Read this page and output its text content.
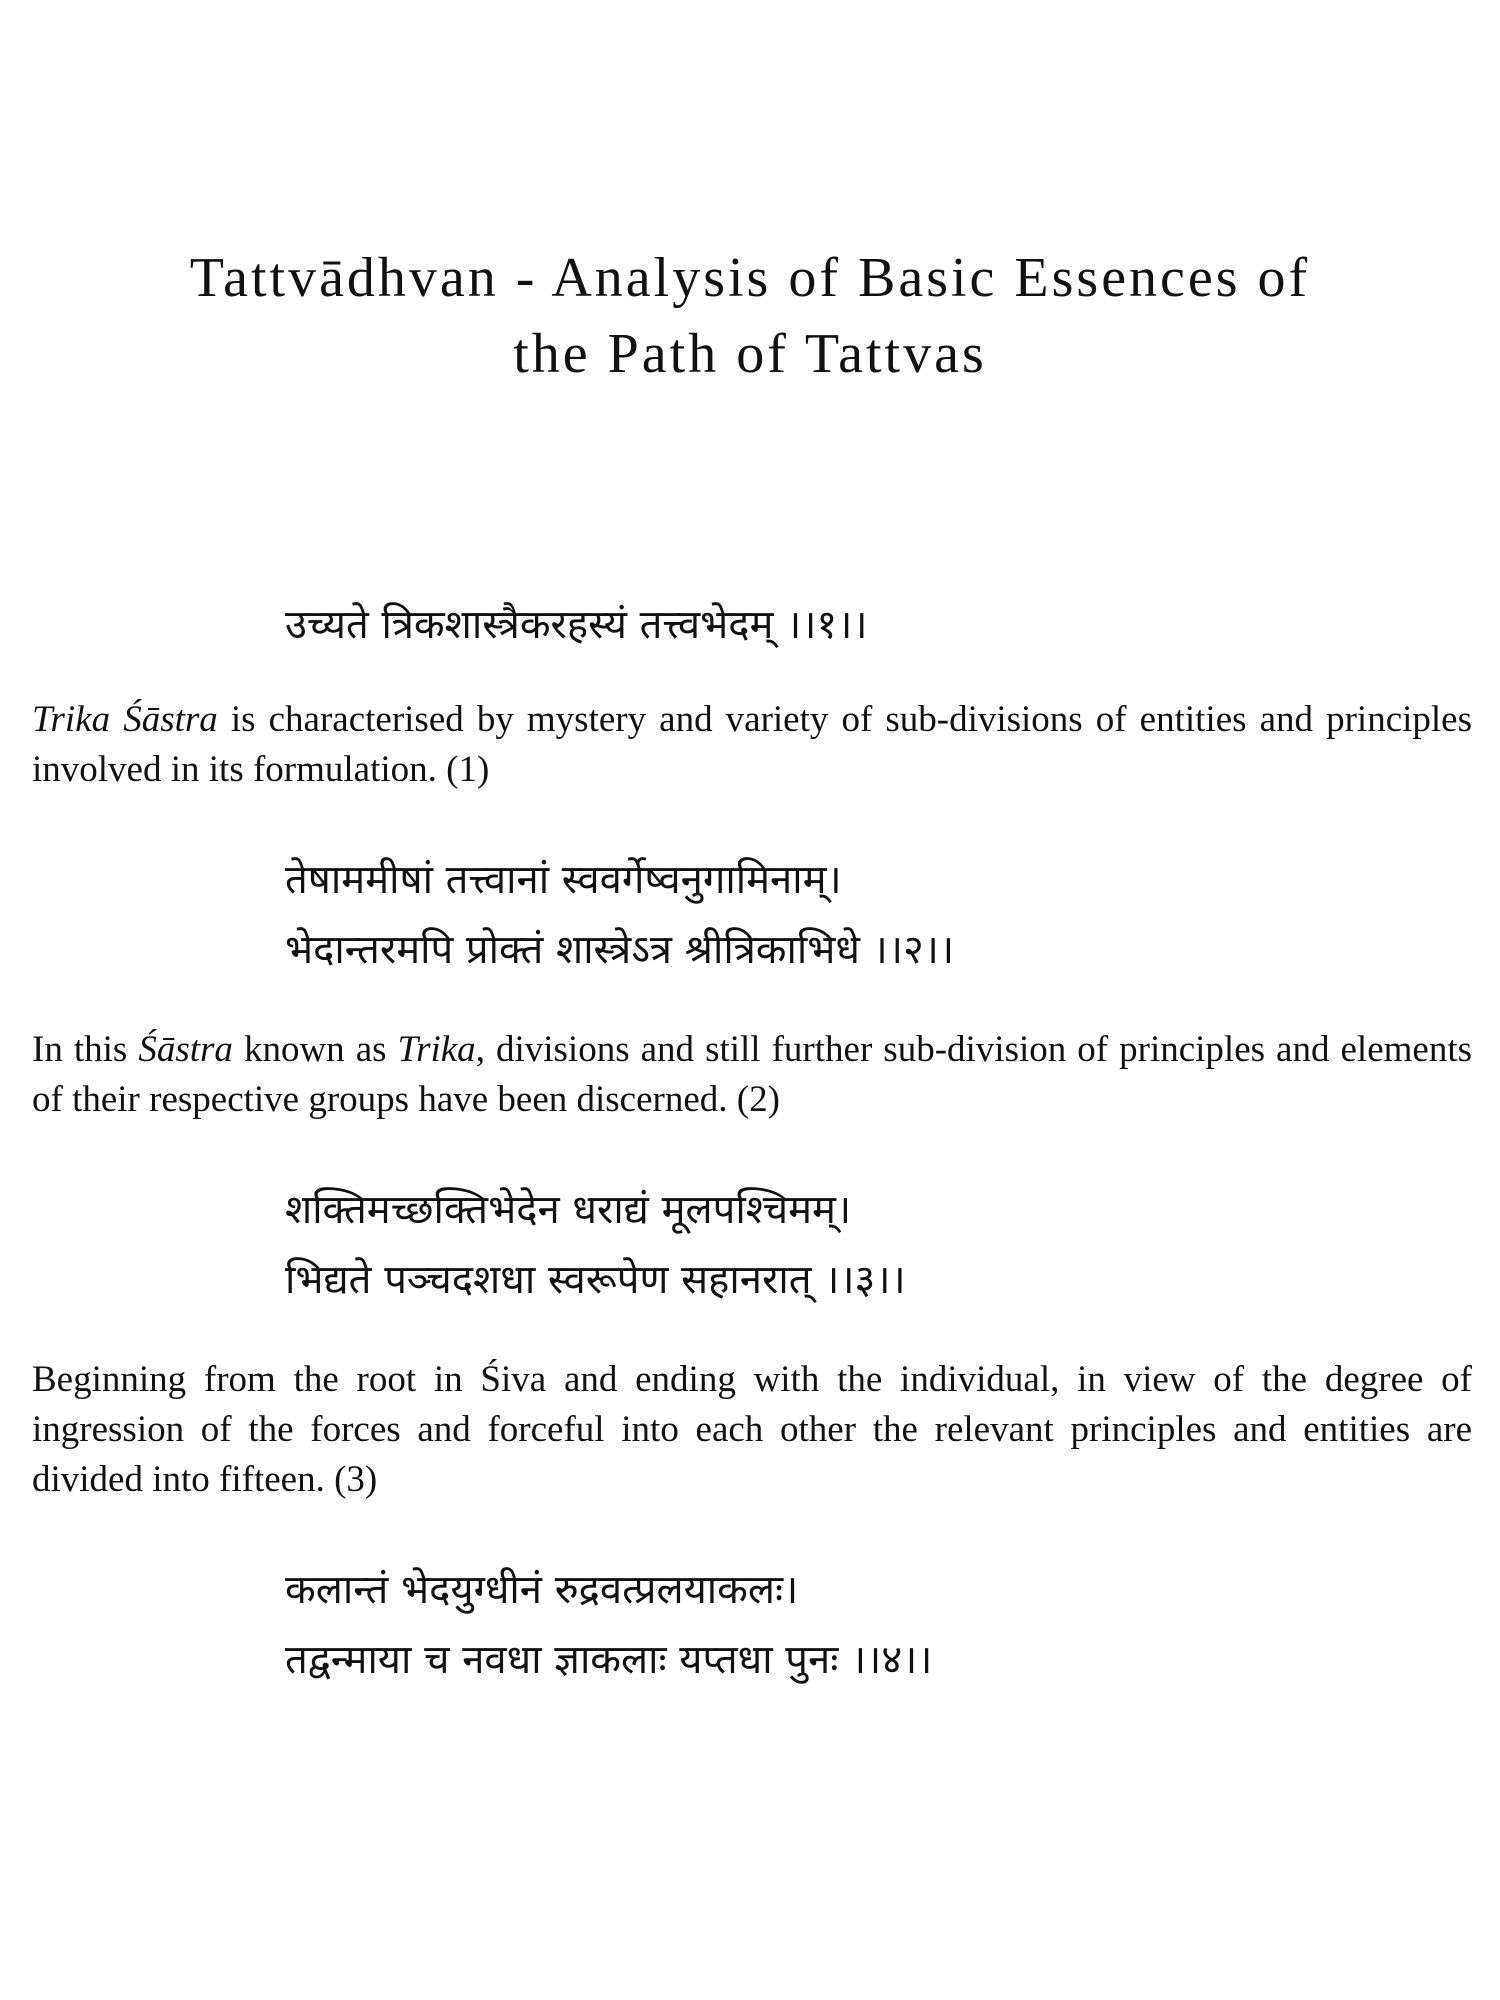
Tattvādhvan - Analysis of Basic Essences of
the Path of Tattvas
उच्यते त्रिकशास्त्रैकरहस्यं तत्त्वभेदम् ।।१।।

Trika Śāstra is characterised by mystery and variety of sub-divisions of entities and principles involved in its formulation. (1)

तेषाममीषां तत्त्वानां स्ववर्गेष्वनुगामिनाम्।
भेदान्तरमपि प्रोक्तं शास्त्रेऽत्र श्रीत्रिकाभिधे ।।२।।

In this Śāstra known as Trika, divisions and still further sub-division of principles and elements of their respective groups have been discerned. (2)

शक्तिमच्छक्तिभेदेन धराद्यं मूलपश्चिमम्।
भिद्यते पञ्चदशधा स्वरूपेण सहानरात् ।।३।।

Beginning from the root in Śiva and ending with the individual, in view of the degree of ingression of the forces and forceful into each other the relevant principles and entities are divided into fifteen. (3)

कलान्तं भेदयुग्धीनं रुद्रवत्प्रलयाकलः।
तद्वन्माया च नवधा ज्ञाकलाः यप्तधा पुनः ।।४।।
